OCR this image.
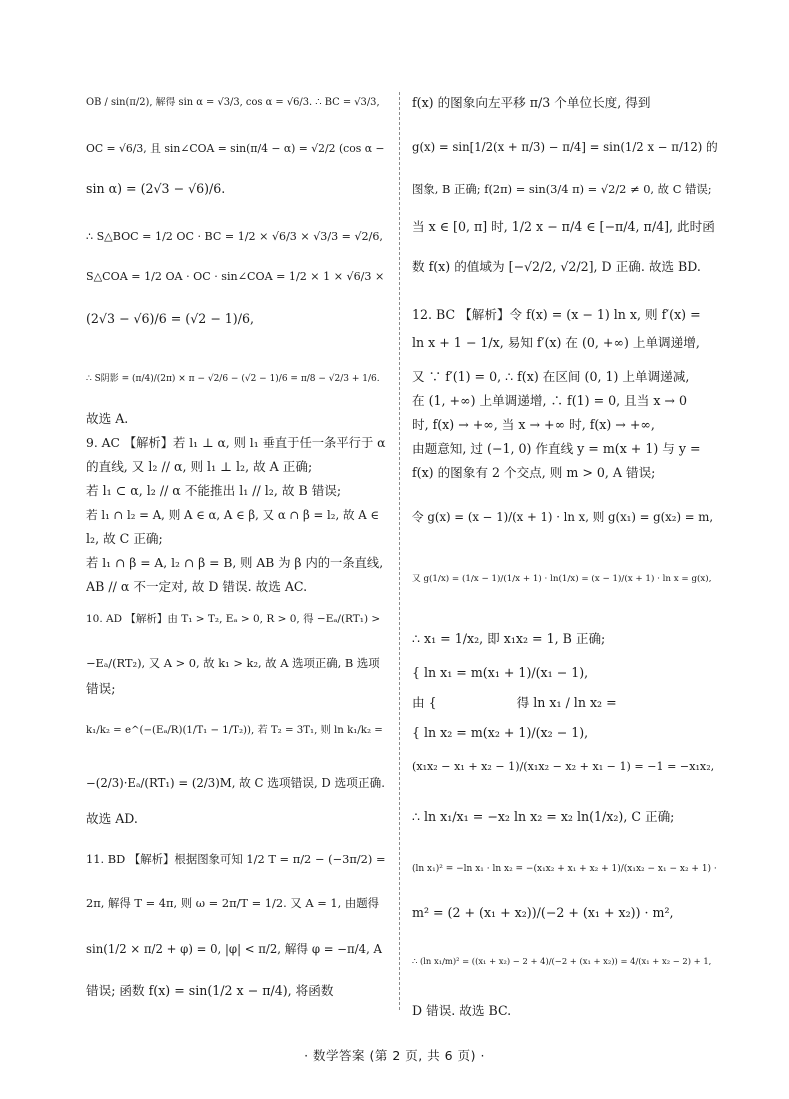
OB / sin(π/2), 解得 sin α = √3/3, cos α = √6/3. ∴ BC = √3/3,
OC = √6/3, 且 sin∠COA = sin(π/4 − α) = √2/2 (cos α −
sin α) = (2√3 − √6)/6.
∴ S△BOC = 1/2 OC · BC = 1/2 × √6/3 × √3/3 = √2/6,
S△COA = 1/2 OA · OC · sin∠COA = 1/2 × 1 × √6/3 ×
(2√3 − √6)/6 = (√2 − 1)/6,
∴ S阴影 = (π/4)/(2π) × π − √2/6 − (√2 − 1)/6 = π/8 − √2/3 + 1/6.
故选 A.
9. AC 【解析】若 l₁ ⊥ α, 则 l₁ 垂直于任一条平行于 α
的直线, 又 l₂ // α, 则 l₁ ⊥ l₂, 故 A 正确;
若 l₁ ⊂ α, l₂ // α 不能推出 l₁ // l₂, 故 B 错误;
若 l₁ ∩ l₂ = A, 则 A ∈ α, A ∈ β, 又 α ∩ β = l₂, 故 A ∈
l₂, 故 C 正确;
若 l₁ ∩ β = A, l₂ ∩ β = B, 则 AB 为 β 内的一条直线,
AB // α 不一定对, 故 D 错误. 故选 AC.
10. AD 【解析】由 T₁ > T₂, Eₐ > 0, R > 0, 得 −Eₐ/(RT₁) >
−Eₐ/(RT₂), 又 A > 0, 故 k₁ > k₂, 故 A 选项正确, B 选项
错误;
k₁/k₂ = e^(−(Eₐ/R)(1/T₁ − 1/T₂)), 若 T₂ = 3T₁, 则 ln k₁/k₂ =
−(2/3)·Eₐ/(RT₁) = (2/3)M, 故 C 选项错误, D 选项正确.
故选 AD.
11. BD 【解析】根据图象可知 1/2 T = π/2 − (−3π/2) =
2π, 解得 T = 4π, 则 ω = 2π/T = 1/2. 又 A = 1, 由题得
sin(1/2 × π/2 + φ) = 0, |φ| < π/2, 解得 φ = −π/4, A
错误; 函数 f(x) = sin(1/2 x − π/4), 将函数
f(x) 的图象向左平移 π/3 个单位长度, 得到
g(x) = sin[1/2(x + π/3) − π/4] = sin(1/2 x − π/12) 的
图象, B 正确; f(2π) = sin(3/4 π) = √2/2 ≠ 0, 故 C 错误;
当 x ∈ [0, π] 时, 1/2 x − π/4 ∈ [−π/4, π/4], 此时函
数 f(x) 的值域为 [−√2/2, √2/2], D 正确. 故选 BD.
12. BC 【解析】令 f(x) = (x − 1) ln x, 则 f′(x) =
ln x + 1 − 1/x, 易知 f′(x) 在 (0, +∞) 上单调递增,
又 ∵ f′(1) = 0, ∴ f(x) 在区间 (0, 1) 上单调递减,
在 (1, +∞) 上单调递增, ∴ f(1) = 0, 且当 x → 0
时, f(x) → +∞, 当 x → +∞ 时, f(x) → +∞,
由题意知, 过 (−1, 0) 作直线 y = m(x + 1) 与 y =
f(x) 的图象有 2 个交点, 则 m > 0, A 错误;
令 g(x) = (x − 1)/(x + 1) · ln x, 则 g(x₁) = g(x₂) = m,
又 g(1/x) = (1/x − 1)/(1/x + 1) · ln(1/x) = (x − 1)/(x + 1) · ln x = g(x),
∴ x₁ = 1/x₂, 即 x₁x₂ = 1, B 正确;
{ ln x₁ = m(x₁ + 1)/(x₁ − 1),
由 {                    得 ln x₁ / ln x₂ =
{ ln x₂ = m(x₂ + 1)/(x₂ − 1),
(x₁x₂ − x₁ + x₂ − 1)/(x₁x₂ − x₂ + x₁ − 1) = −1 = −x₁x₂,
∴ ln x₁/x₁ = −x₂ ln x₂ = x₂ ln(1/x₂), C 正确;
(ln x₁)² = −ln x₁ · ln x₂ = −(x₁x₂ + x₁ + x₂ + 1)/(x₁x₂ − x₁ − x₂ + 1) ·
m² = (2 + (x₁ + x₂))/(−2 + (x₁ + x₂)) · m²,
∴ (ln x₁/m)² = ((x₁ + x₂) − 2 + 4)/(−2 + (x₁ + x₂)) = 4/(x₁ + x₂ − 2) + 1,
D 错误. 故选 BC.
· 数学答案 (第 2 页, 共 6 页) ·
